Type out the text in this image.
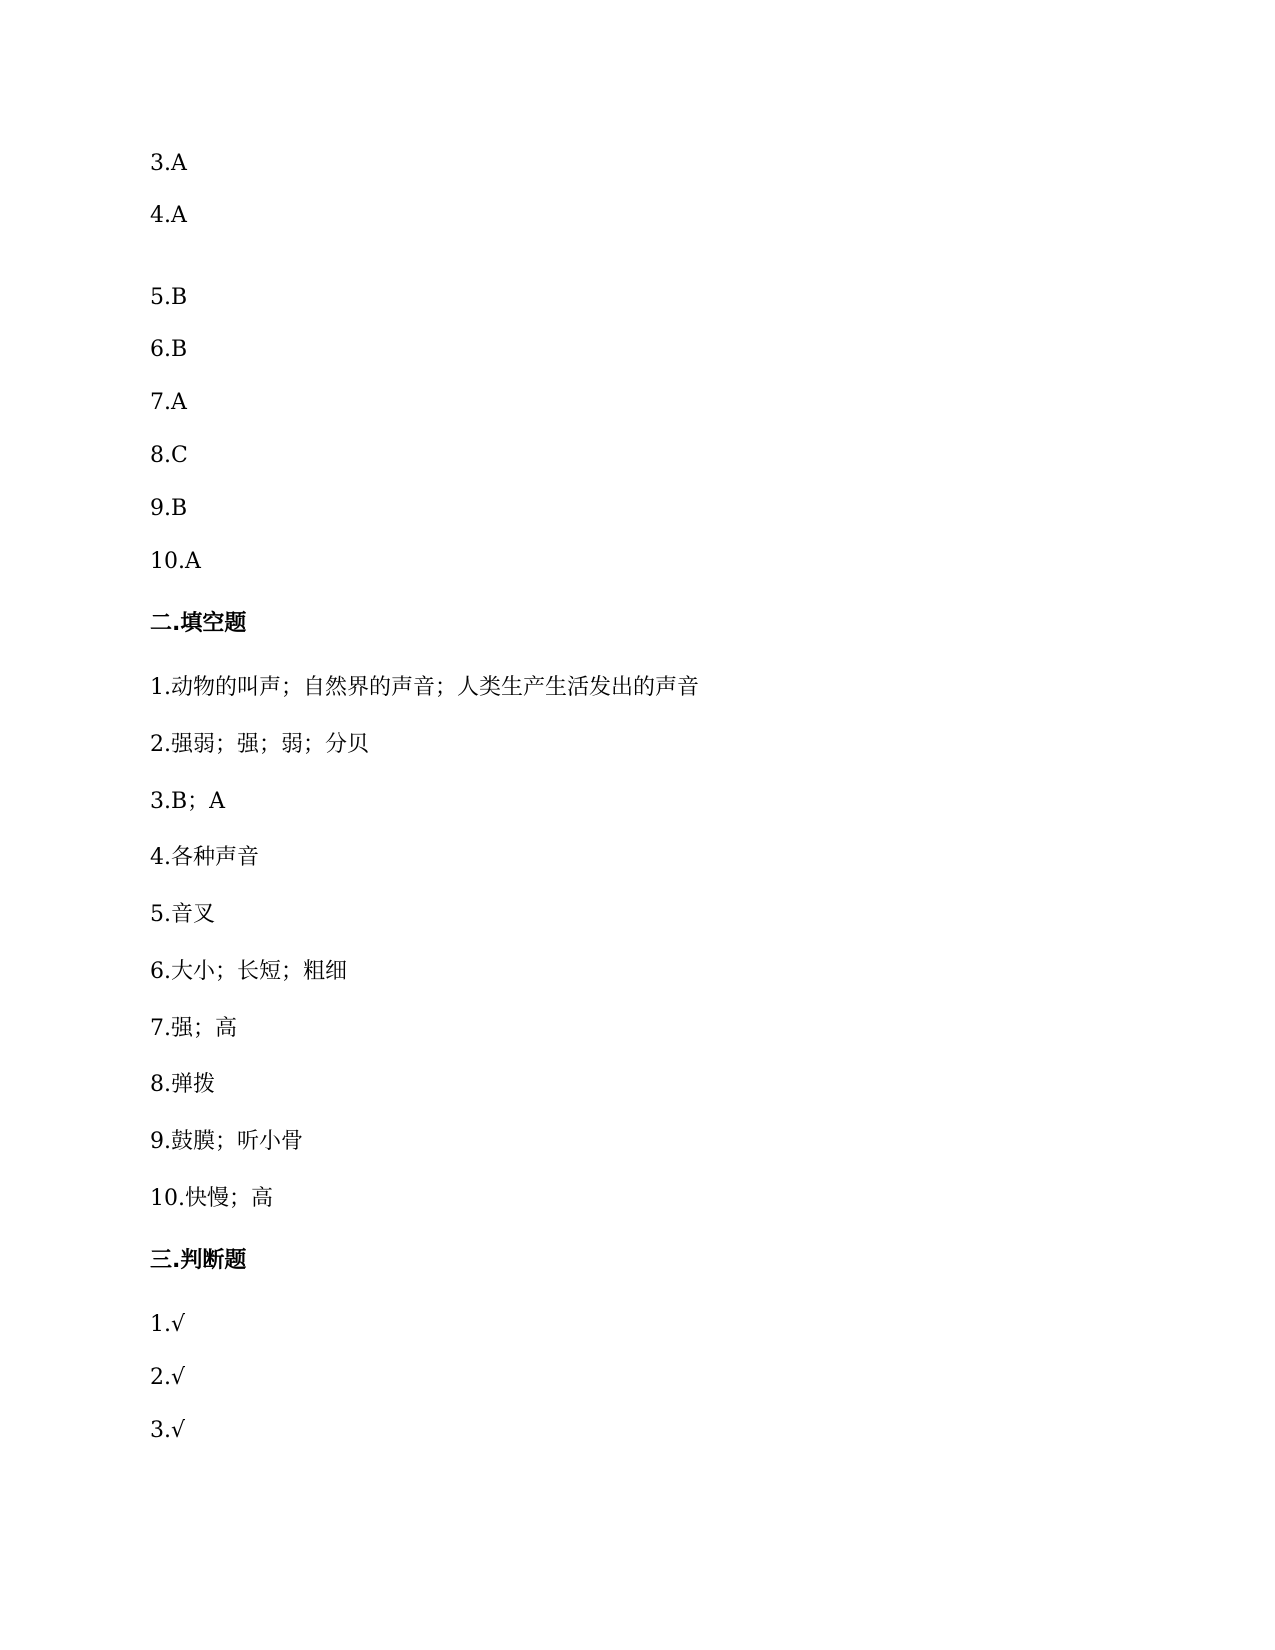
3.A
4.A
5.B
6.B
7.A
8.C
9.B
10.A
二.填空题
1.动物的叫声；自然界的声音；人类生产生活发出的声音
2.强弱；强；弱；分贝
3.B；A
4.各种声音
5.音叉
6.大小；长短；粗细
7.强；高
8.弹拨
9.鼓膜；听小骨
10.快慢；高
三.判断题
1.√
2.√
3.√
